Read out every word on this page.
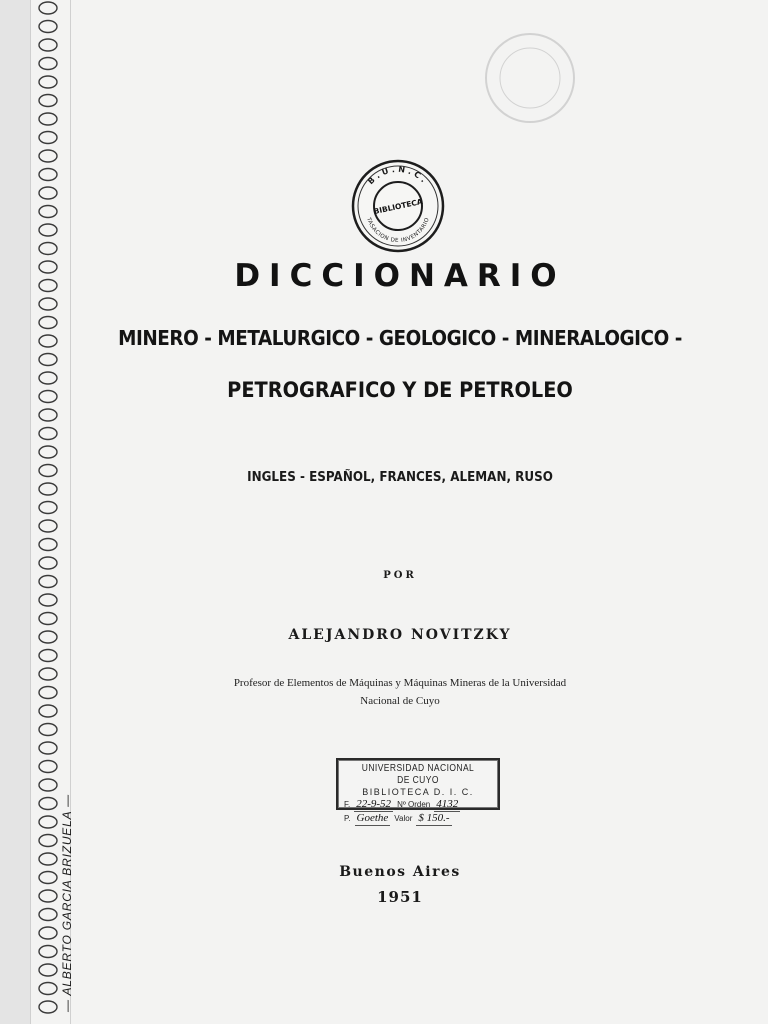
B.U.N.C.
TASACION DE INVENTARIO
BIBLIOTECA
DICCIONARIO
MINERO - METALURGICO - GEOLOGICO - MINERALOGICO -
PETROGRAFICO Y DE PETROLEO
INGLES - ESPAÑOL, FRANCES, ALEMAN, RUSO
POR
ALEJANDRO NOVITZKY
Profesor de Elementos de Máquinas y Máquinas Mineras de la Universidad
Nacional de Cuyo
UNIVERSIDAD NACIONAL DE CUYO
BIBLIOTECA D. I. C.
F. 22-9-52 Nº Orden 4132
P. Goethe Valor $ 150.-
Buenos Aires
1951
— ALBERTO GARCIA BRIZUELA —
